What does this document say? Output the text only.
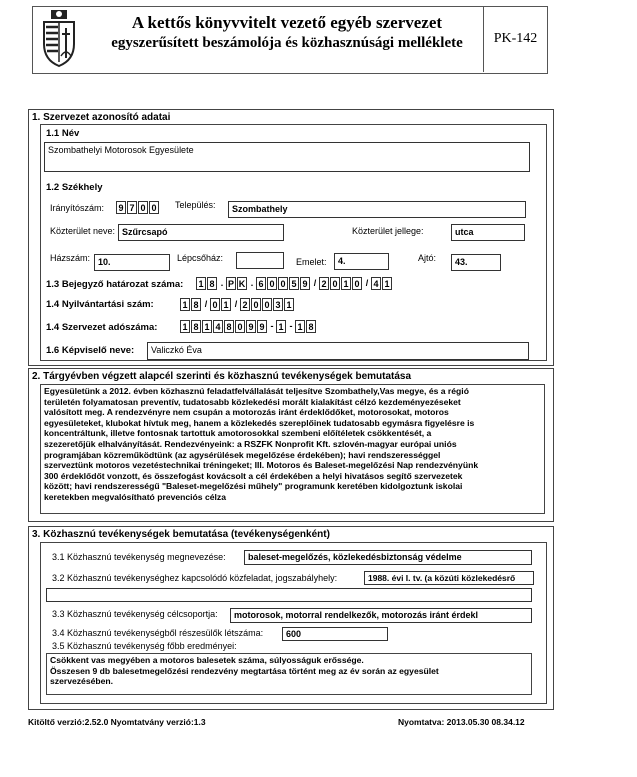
A kettős könyvvitelt vezető egyéb szervezet
egyszerűsített beszámolója és közhasznúsági melléklete	PK-142
1. Szervezet azonosító adatai
1.1 Név
Szombathelyi Motorosok Egyesülete
1.2 Székhely
Irányítószám: 9 7 0 0 Település:	Szombathely
Közterület neve: Szűrcsapó	Közterület jellege:	utca
Házszám: 10.	Lépcsőház:	Emelet:	4.	Ajtó:	43.
1.3 Bejegyző határozat száma: 1 8 . P K . 6 0 0 5 9 / 2 0 1 0 / 4 1
1.4 Nyilvántartási szám:	1 8 / 0 1 / 2 0 0 3 1
1.4 Szervezet adószáma:	1 8 1 4 8 0 9 9 - 1 - 1 8
1.6 Képviselő neve:	Valiczkó Éva
2. Tárgyévben végzett alapcél szerinti és közhasznú tevékenységek bemutatása
Egyesületünk a 2012. évben közhasznú feladatfelvállalását teljesítve Szombathely,Vas megye, és a régió
területén folyamatosan preventív, tudatosabb közlekedési morált kialakítást célzó kezdeményezéseket
valósított meg. A rendezvényre nem csupán a motorozás iránt érdeklődőket, motorosokat, motoros
egyesületeket, klubokat hívtuk meg, hanem a közlekedés szereplőinek tudatosabb egymásra figyelésre is
koncentráltunk, illetve fontosnak tartottuk amotorosokkal szembeni előítéletek csökkentését, a
szezeretőjük elhalványítását. Rendezvényeink: a RSZFK Nonprofit Kft. szlovén-magyar európai uniós
programjában közreműködtünk (az agysérülések megelőzése érdekében); havi rendszerességgel
szerveztünk motoros vezetéstechnikai tréningeket; III. Motoros és Baleset-megelőzési Nap rendezvényünk
300 érdeklődőt vonzott, és összefogást kovácsolt a cél érdekében a helyi hivatásos segítő szervezetek
között; havi rendszerességű "Baleset-megelőzési műhely" programunk keretében kidolgoztunk iskolai
keretekben megvalósítható prevenciós célza
3. Közhasznú tevékenységek bemutatása (tevékenységenként)
3.1 Közhasznú tevékenység megnevezése:	baleset-megelőzés, közlekedésbiztonság védelme
3.2 Közhasznú tevékenységhez kapcsolódó közfeladat, jogszabályhely:	1988. évi I. tv. (a közúti közlekedésrő
3.3 Közhasznú tevékenység célcsoportja:	motorosok, motorral rendelkezők, motorozás iránt érdekl
3.4 Közhasznú tevékenységből részesülők létszáma:	600
3.5 Közhasznú tevékenység főbb eredményei:
Csökkent vas megyében a motoros balesetek száma, súlyosságuk erőssége.
Összesen 9 db balesetmegelőzési rendezvény megtartása történt meg az év során az egyesület
szervezésében.
Kitöltő verzió:2.52.0 Nyomtatvány verzió:1.3	Nyomtatva: 2013.05.30 08.34.12
